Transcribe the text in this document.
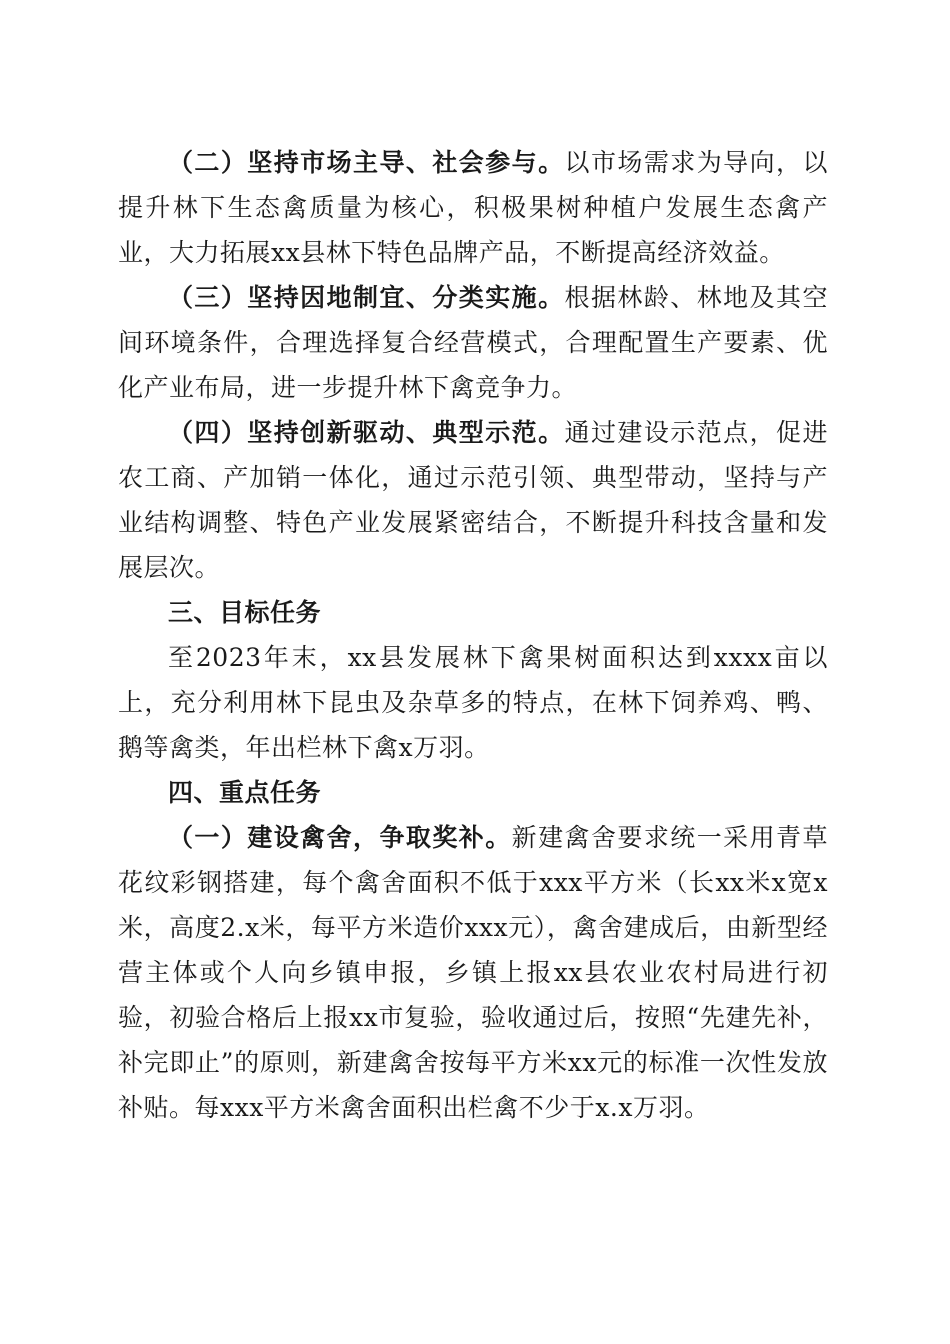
（二）坚持市场主导、社会参与。以市场需求为导向，以提升林下生态禽质量为核心，积极果树种植户发展生态禽产业，大力拓展xx县林下特色品牌产品，不断提高经济效益。

（三）坚持因地制宜、分类实施。根据林龄、林地及其空间环境条件，合理选择复合经营模式，合理配置生产要素、优化产业布局，进一步提升林下禽竞争力。

（四）坚持创新驱动、典型示范。通过建设示范点，促进农工商、产加销一体化，通过示范引领、典型带动，坚持与产业结构调整、特色产业发展紧密结合，不断提升科技含量和发展层次。

三、目标任务

至2023年末，xx县发展林下禽果树面积达到xxxx亩以上，充分利用林下昆虫及杂草多的特点，在林下饲养鸡、鸭、鹅等禽类，年出栏林下禽x万羽。

四、重点任务

（一）建设禽舍，争取奖补。新建禽舍要求统一采用青草花纹彩钢搭建，每个禽舍面积不低于xxx平方米（长xx米x宽x米，高度2.x米，每平方米造价xxx元），禽舍建成后，由新型经营主体或个人向乡镇申报，乡镇上报xx县农业农村局进行初验，初验合格后上报xx市复验，验收通过后，按照“先建先补，补完即止”的原则，新建禽舍按每平方米xx元的标准一次性发放补贴。每xxx平方米禽舍面积出栏禽不少于x.x万羽。
